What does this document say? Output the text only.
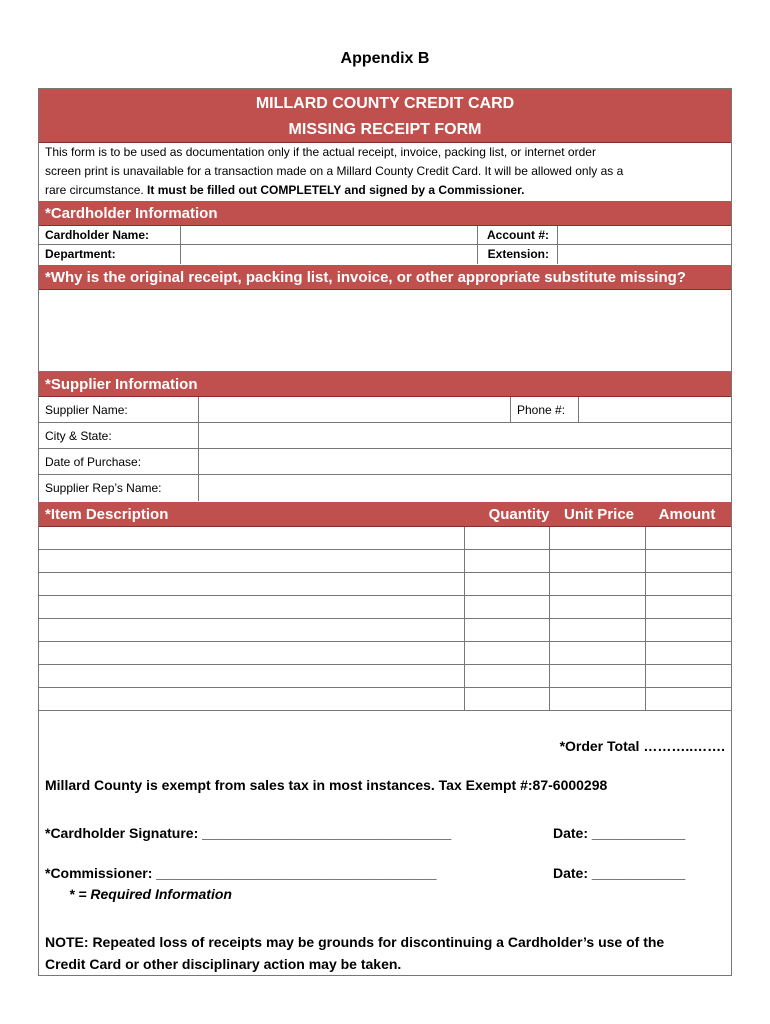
Appendix B
MILLARD COUNTY CREDIT CARD
MISSING RECEIPT FORM
This form is to be used as documentation only if the actual receipt, invoice, packing list, or internet order
screen print is unavailable for a transaction made on a Millard County Credit Card. It will be allowed only as a
rare circumstance. It must be filled out COMPLETELY and signed by a Commissioner.
*Cardholder Information
Cardholder Name:	Account #:
Department:	Extension:
*Why is the original receipt, packing list, invoice, or other appropriate substitute missing?
*Supplier Information
Supplier Name:	Phone #:
City & State:
Date of Purchase:
Supplier Rep’s Name:
*Item Description	Quantity Unit Price	Amount
*Order Total ………..…….
Millard County is exempt from sales tax in most instances. Tax Exempt #:87-6000298
*Cardholder Signature: ________________________________	Date: ____________
*Commissioner: ____________________________________	Date: ____________
* = Required Information
NOTE: Repeated loss of receipts may be grounds for discontinuing a Cardholder’s use of the
Credit Card or other disciplinary action may be taken.
